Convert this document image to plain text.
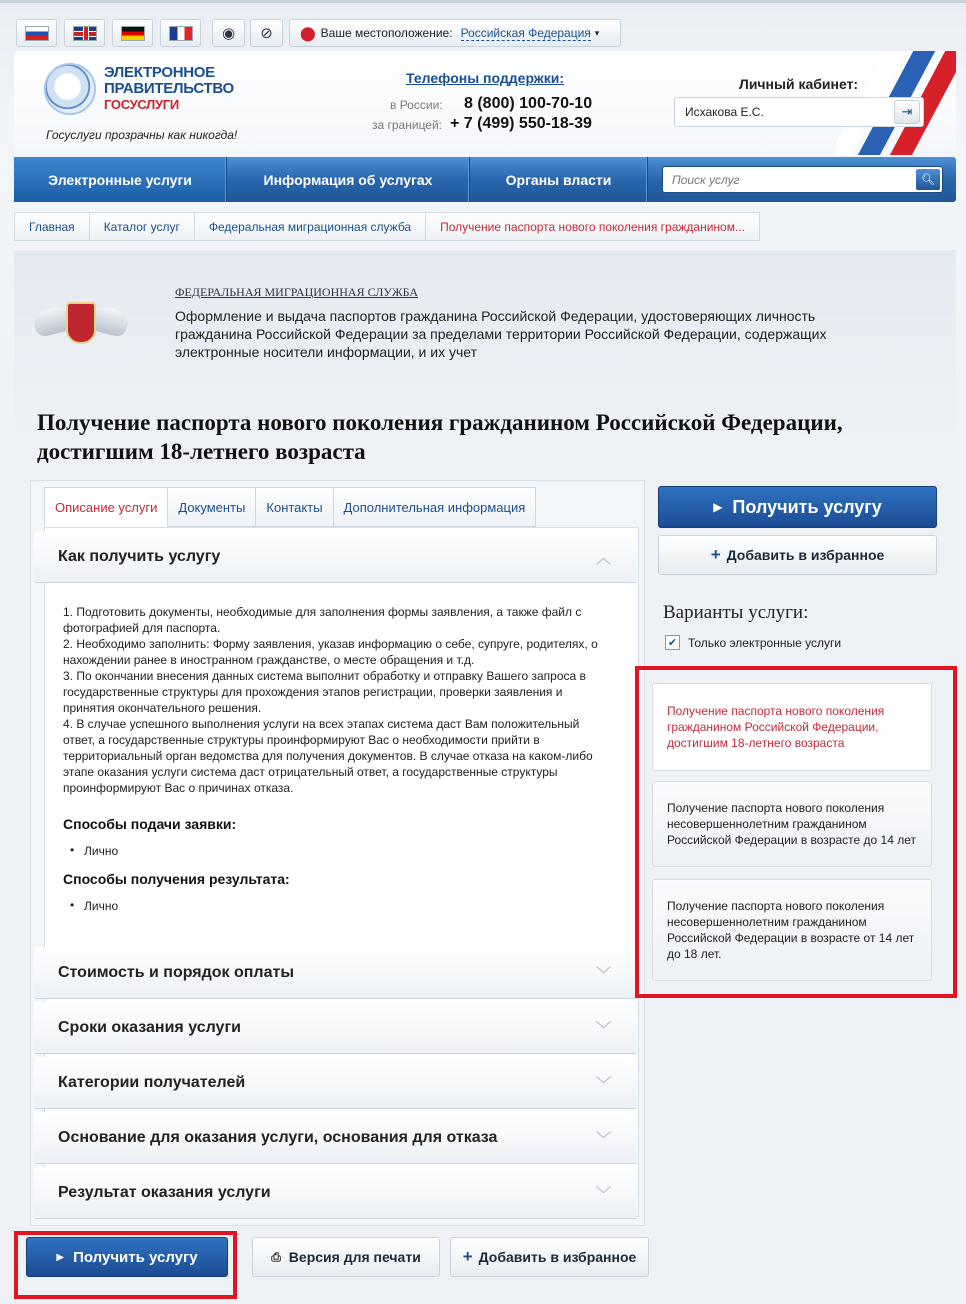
◉ ⊘ ⬤ Ваше местоположение: Российская Федерация ▾
ЭЛЕКТРОННОЕ
ПРАВИТЕЛЬСТВО
ГОСУСЛУГИ
Госуслуги прозрачны как никогда!
Телефоны поддержки:
в России: 8 (800) 100-70-10
за границей: + 7 (499) 550-18-39
Личный кабинет:
Исхакова Е.С.	⇥
Электронные услуги	Информация об услугах	Органы власти
Поиск услуг	🔍︎
Главная	Каталог услуг	Федеральная миграционная служба	Получение паспорта нового поколения гражданином...
ФЕДЕРАЛЬНАЯ МИГРАЦИОННАЯ СЛУЖБА
Оформление и выдача паспортов гражданина Российской Федерации, удостоверяющих личность гражданина Российской Федерации за пределами территории Российской Федерации, содержащих электронные носители информации, и их учет
Получение паспорта нового поколения гражданином Российской Федерации, достигшим 18-летнего возраста
Описание услуги	Документы	Контакты	Дополнительная информация
Как получить услугу	︿

1. Подготовить документы, необходимые для заполнения формы заявления, а также файл с фотографией для паспорта.

2. Необходимо заполнить: Форму заявления, указав информацию о себе, супруге, родителях, о нахождении ранее в иностранном гражданстве, о месте обращения и т.д.

3. По окончании внесения данных система выполнит обработку и отправку Вашего запроса в государственные структуры для прохождения этапов регистрации, проверки заявления и принятия окончательного решения.

4. В случае успешного выполнения услуги на всех этапах система даст Вам положительный ответ, а государственные структуры проинформируют Вас о необходимости прийти в территориальный орган ведомства для получения документов. В случае отказа на каком-либо этапе оказания услуги система даст отрицательный ответ, а государственные структуры проинформируют Вас о причинах отказа.

Способы подачи заявки:
• Лично
Способы получения результата:
• Лично
Стоимость и порядок оплаты	﹀
Сроки оказания услуги	﹀
Категории получателей	﹀
Основание для оказания услуги, основания для отказа	﹀
Результат оказания услуги	﹀
▶ Получить услугу
+ Добавить в избранное
Варианты услуги:
✔ Только электронные услуги
Получение паспорта нового поколения гражданином Российской Федерации, достигшим 18-летнего возраста
Получение паспорта нового поколения несовершеннолетним гражданином Российской Федерации в возрасте до 14 лет
Получение паспорта нового поколения несовершеннолетним гражданином Российской Федерации в возрасте от 14 лет до 18 лет.
▶ Получить услугу	⎙ Версия для печати + Добавить в избранное
